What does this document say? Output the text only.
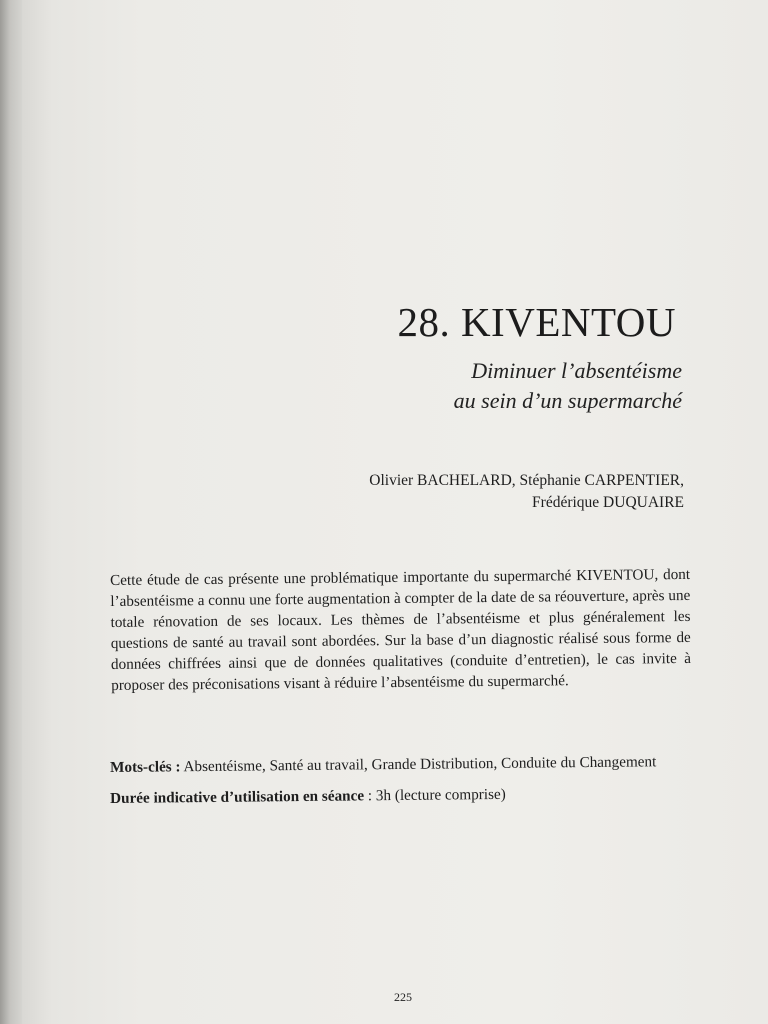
28. KIVENTOU
Diminuer l’absentéisme
au sein d’un supermarché
Olivier BACHELARD, Stéphanie CARPENTIER,
Frédérique DUQUAIRE

Cette étude de cas présente une problématique importante du supermarché KIVENTOU, dont l’absentéisme a connu une forte augmentation à compter de la date de sa réouverture, après une totale rénovation de ses locaux. Les thèmes de l’absentéisme et plus généralement les questions de santé au travail sont abordées. Sur la base d’un diagnostic réalisé sous forme de données chiffrées ainsi que de données qualitatives (conduite d’entretien), le cas invite à proposer des préconisations visant à réduire l’absentéisme du supermarché.

Mots-clés : Absentéisme, Santé au travail, Grande Distribution, Conduite du Changement
Durée indicative d’utilisation en séance : 3h (lecture comprise)
225
